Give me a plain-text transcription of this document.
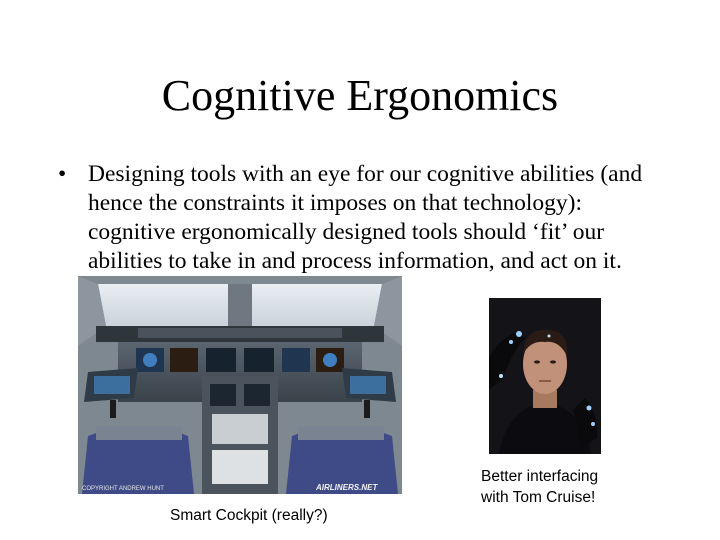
Cognitive Ergonomics
• Designing tools with an eye for our cognitive abilities (and hence the constraints it imposes on that technology): cognitive ergonomically designed tools should ‘fit’ our abilities to take in and process information, and act on it.
COPYRIGHT ANDREW HUNT	AIRLINERS.NET
Smart Cockpit (really?)
Better interfacing
with Tom Cruise!
